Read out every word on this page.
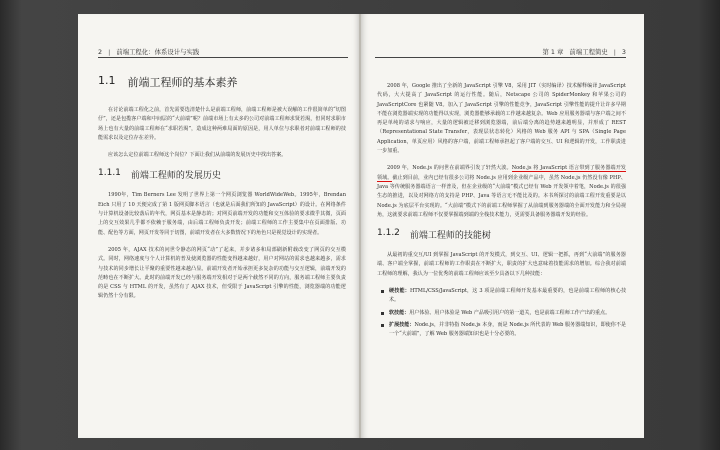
2 | 前端工程化：体系设计与实践
1.1 前端工程师的基本素养

在讨论前端工程化之前，首先需要选清楚什么是前端工程师，前端工程师是被大误解的工作很简单的“切图仔”，还是包揽客户端和中间层的“大前端”呢？前端市场上有太多的公司对前端工程师求贤若渴，但同时求职市场上也有大量的前端工程师在“求职若渴”，造成这种两难局面的原因是，用人单位与求职者对前端工程师的技能需求以及定位存在差异。

应该怎么定位前端工程师这个岗位？下面让我们从前端的发展历史中找出答案。

1.1.1 前端工程师的发展历史

1990年，Tim Berners Lee 发明了世界上第一个网页浏览器 WorldWideWeb。1995年，Brendan Eich 只用了 10 天便完成了第 1 版网页脚本语言（也就是后面我们所知的 JavaScript）的设计。在网络条件与计算机设备比较落后的年代，网页基本是静态的；对网页前端开发的功能和交互体验的要求微乎其微，页面上的交互效果几乎都不依赖于服务端，由后端工程师负责开发；前端工程师的工作主要集中在页面排版、功能、配色等方面，网页开发等同于切图，前端开发者在大多数情况下的角色只是视觉设计的实现者。

2005 年，AJAX 技术的问世令静态的网页“动”了起来，并步诸多和局部刷新附载改变了网页的交互模式。同时，网络速度与个人计算机的普及使浏览器的性能变得越来越好，用户对网站的需求也越来越多，需求与技术的同步增长让平聚的重要性越来越凸显。前端开发者开始承担更多复杂的功能与交互逻辑，前端开发的范畴也在不断扩大。此时的前端开发已经与服务端开发相对于是两个截然不同的方向，服务端工程师主要负责的是 CSS 与 HTML 的开发，虽然有了 AJAX 技术，但受限于 JavaScript 引擎的性能，浏览器端的功能逻辑仍然十分有限。

第 1 章 前端工程简史 | 3

2008 年，Google 推出了全新的 JavaScript 引擎 V8，采用 JIT（实时编译）技术解释编译 JavaScript 代码，大大提高了 JavaScript 的运行性能。随后，Netscape 公司的 SpiderMonkey 和苹果公司的 JavaScriptCore 也紧随 V8。加入了 JavaScript 引擎的性能竞争，JavaScript 引擎性能的提升让许多早期不能在浏览器端实现的功能得以实现，浏览器能够承载的工作越来越复杂。Web 应用服务器端与客户端之间不再是单纯的请求与响应，大量的逻辑被迁移到浏览器端，前后端分离的趋势越来越明显，并形成了 REST（Representational State Transfer，表现层状态转化）风格的 Web 服务 API 与 SPA（Single Page Application，单页应用）风格的客户端，前端工程师承担起了客户端的交互、UI 和逻辑的开发，工作职责进一步加重。

2009 年，Node.js 的问世在前端界引发了轩然大波。Node.js 将 JavaScript 语言带到了服务器端开发领域。截止到目前，业内已经有很多公司将 Node.js 应用到企业级产品中，虽然 Node.js 仍然没有像 PHP、Java 等传统服务器端语言一样普及，但在企业级的“大前端”模式已经有 Web 开发领中着笔，Node.js 的很强生态的推进，以及对网络方的支持是 PHP、Java 等语言无不能比及的。本书所探讨的前端工程开发重要是以 Node.js 为底层平台实现的。“大前端”模式下的前端工程师掌握了从前端到服务器端的全面开发能力和全局视角，这就要求前端工程师不仅要掌握端到端的全栈技术能力，更需要具备服务器端开发的经验。

1.1.2 前端工程师的技能树

从最初的重交互/UI 到掌握 JavaScript 的开发模式，到交互、UI、逻辑一把抓，再到“大前端”的服务器端、客户端全掌握，前端工程师的工作职责在不断扩大，职责的扩大也意味着技能需求的增加。综合我对前端工程师的理解，我认为一位优秀的前端工程师应该至少具备以下几种技能：

硬技能：HTML/CSS/JavaScript，这 3 项是前端工程师开发基本最重要的，也是前端工程师的核心技术。
软技能：用户体验、用户体验是 Web 产品吸引用户的第一道关，也是前端工程师工作产出的重点。
扩展技能：Node.js，并非特指 Node.js 本身，而是 Node.js 所代表的 Web 服务器端知识，即使你不是一个“大前端”，了解 Web 服务器端知识也是十分必要的。
